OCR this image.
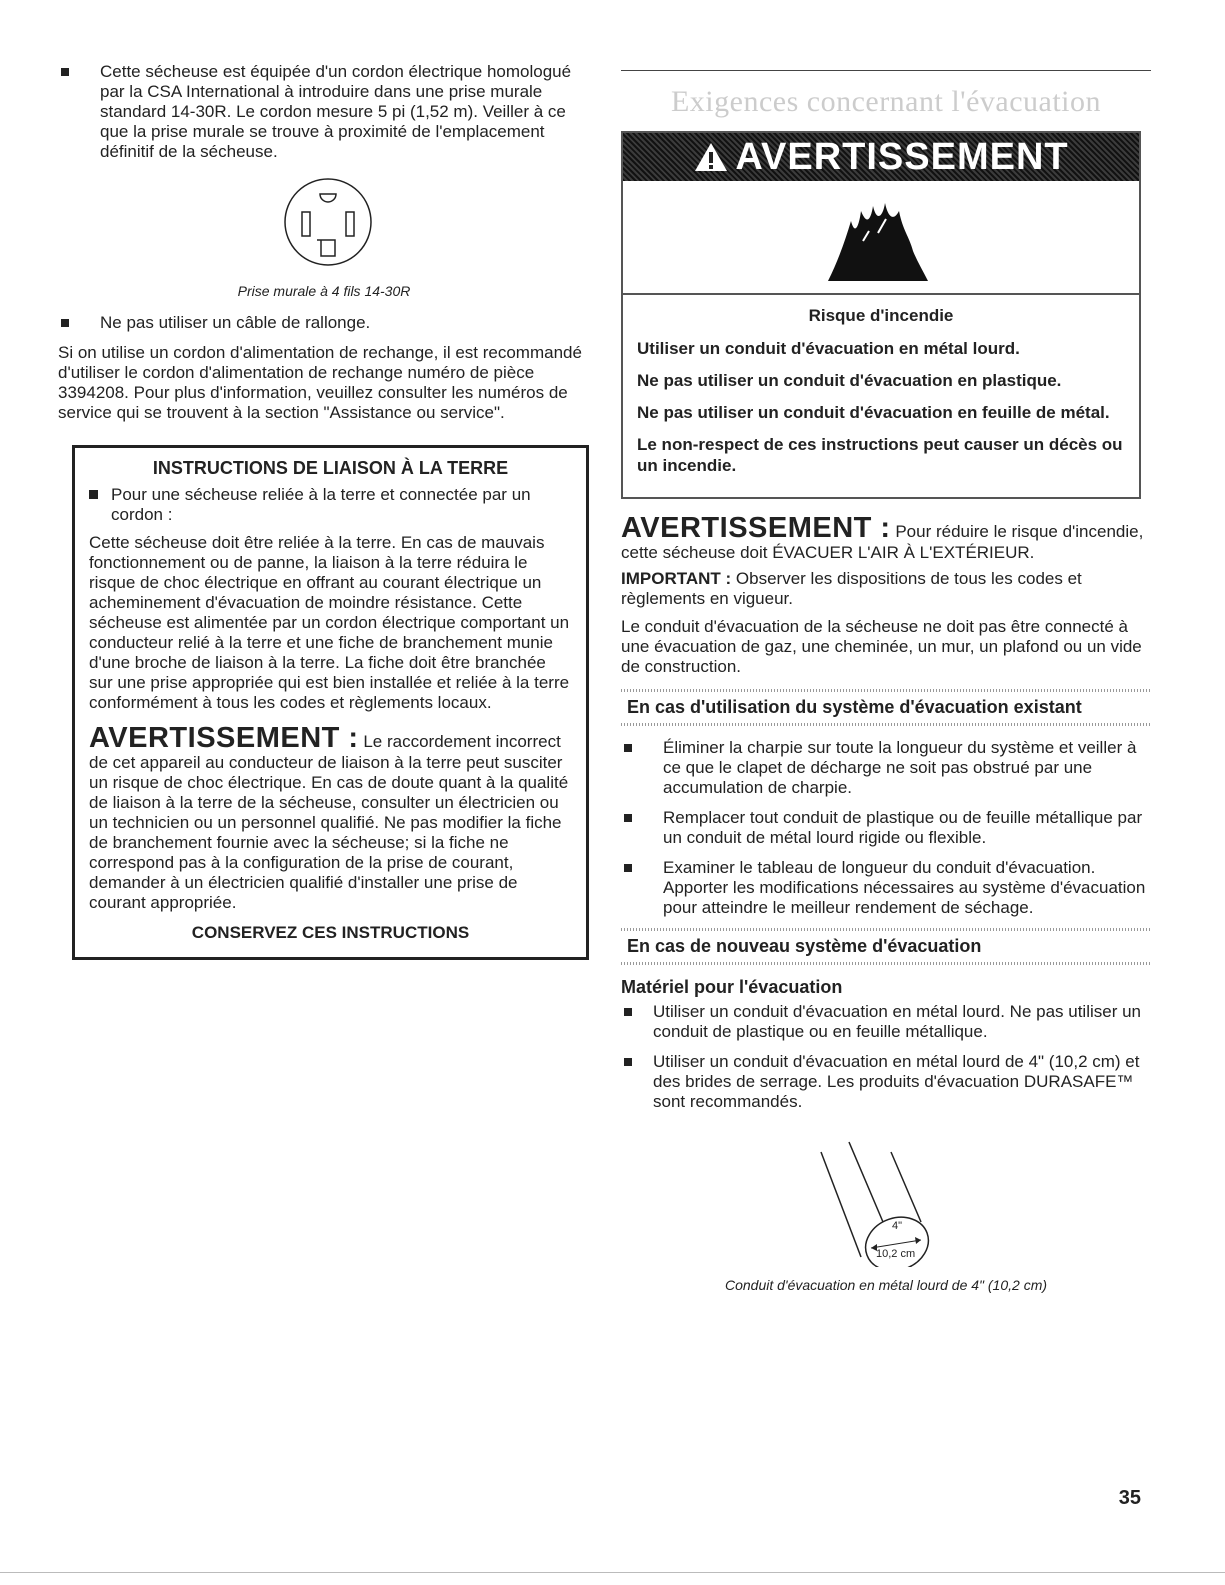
Cette sécheuse est équipée d'un cordon électrique homologué par la CSA International à introduire dans une prise murale standard 14-30R. Le cordon mesure 5 pi (1,52 m). Veiller à ce que la prise murale se trouve à proximité de l'emplacement définitif de la sécheuse.

Prise murale à 4 fils 14-30R

Ne pas utiliser un câble de rallonge.

Si on utilise un cordon d'alimentation de rechange, il est recommandé d'utiliser le cordon d'alimentation de rechange numéro de pièce 3394208. Pour plus d'information, veuillez consulter les numéros de service qui se trouvent à la section "Assistance ou service".

INSTRUCTIONS DE LIAISON À LA TERRE

Pour une sécheuse reliée à la terre et connectée par un cordon :

Cette sécheuse doit être reliée à la terre. En cas de mauvais fonctionnement ou de panne, la liaison à la terre réduira le risque de choc électrique en offrant au courant électrique un acheminement d'évacuation de moindre résistance. Cette sécheuse est alimentée par un cordon électrique comportant un conducteur relié à la terre et une fiche de branchement munie d'une broche de liaison à la terre. La fiche doit être branchée sur une prise appropriée qui est bien installée et reliée à la terre conformément à tous les codes et règlements locaux.

AVERTISSEMENT : Le raccordement incorrect de cet appareil au conducteur de liaison à la terre peut susciter un risque de choc électrique. En cas de doute quant à la qualité de liaison à la terre de la sécheuse, consulter un électricien ou un technicien ou un personnel qualifié. Ne pas modifier la fiche de branchement fournie avec la sécheuse; si la fiche ne correspond pas à la configuration de la prise de courant, demander à un électricien qualifié d'installer une prise de courant appropriée.

CONSERVEZ CES INSTRUCTIONS
Exigences concernant l'évacuation
AVERTISSEMENT
Risque d'incendie

Utiliser un conduit d'évacuation en métal lourd.

Ne pas utiliser un conduit d'évacuation en plastique.

Ne pas utiliser un conduit d'évacuation en feuille de métal.

Le non-respect de ces instructions peut causer un décès ou un incendie.

AVERTISSEMENT : Pour réduire le risque d'incendie, cette sécheuse doit ÉVACUER L'AIR À L'EXTÉRIEUR.

IMPORTANT : Observer les dispositions de tous les codes et règlements en vigueur.

Le conduit d'évacuation de la sécheuse ne doit pas être connecté à une évacuation de gaz, une cheminée, un mur, un plafond ou un vide de construction.

En cas d'utilisation du système d'évacuation existant

Éliminer la charpie sur toute la longueur du système et veiller à ce que le clapet de décharge ne soit pas obstrué par une accumulation de charpie.

Remplacer tout conduit de plastique ou de feuille métallique par un conduit de métal lourd rigide ou flexible.

Examiner le tableau de longueur du conduit d'évacuation. Apporter les modifications nécessaires au système d'évacuation pour atteindre le meilleur rendement de séchage.

En cas de nouveau système d'évacuation
Matériel pour l'évacuation

Utiliser un conduit d'évacuation en métal lourd. Ne pas utiliser un conduit de plastique ou en feuille métallique.

Utiliser un conduit d'évacuation en métal lourd de 4" (10,2 cm) et des brides de serrage. Les produits d'évacuation DURASAFE™ sont recommandés.

4"
10,2 cm

Conduit d'évacuation en métal lourd de 4" (10,2 cm)

35
